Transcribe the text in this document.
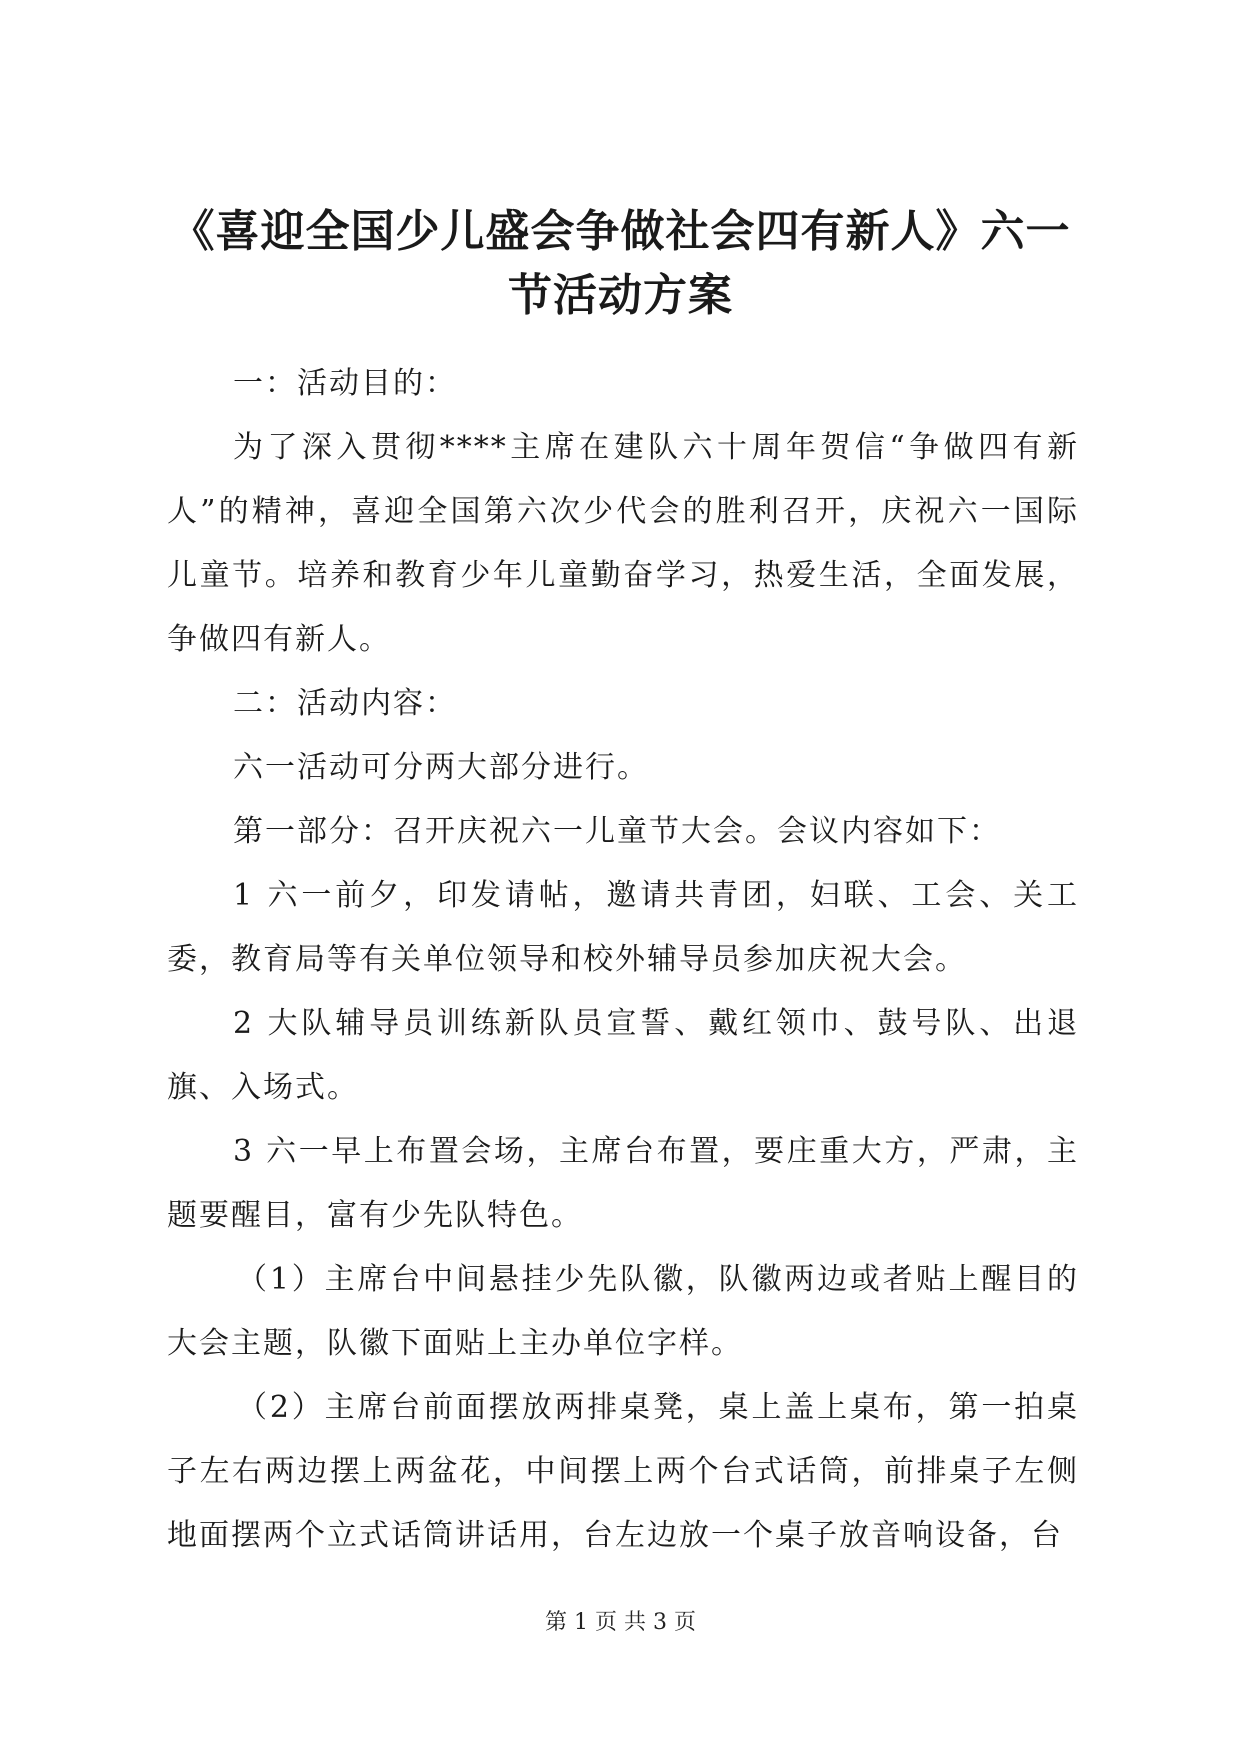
《喜迎全国少儿盛会争做社会四有新人》六一节活动方案

一：活动目的：

为了深入贯彻****主席在建队六十周年贺信“争做四有新人”的精神，喜迎全国第六次少代会的胜利召开，庆祝六一国际儿童节。培养和教育少年儿童勤奋学习，热爱生活，全面发展，争做四有新人。

二：活动内容：

六一活动可分两大部分进行。

第一部分：召开庆祝六一儿童节大会。会议内容如下：

1 六一前夕，印发请帖，邀请共青团，妇联、工会、关工委，教育局等有关单位领导和校外辅导员参加庆祝大会。

2 大队辅导员训练新队员宣誓、戴红领巾、鼓号队、出退旗、入场式。

3 六一早上布置会场，主席台布置，要庄重大方，严肃，主题要醒目，富有少先队特色。

（1）主席台中间悬挂少先队徽，队徽两边或者贴上醒目的大会主题，队徽下面贴上主办单位字样。

（2）主席台前面摆放两排桌凳，桌上盖上桌布，第一拍桌子左右两边摆上两盆花，中间摆上两个台式话筒，前排桌子左侧地面摆两个立式话筒讲话用，台左边放一个桌子放音响设备，台

第 1 页 共 3 页
